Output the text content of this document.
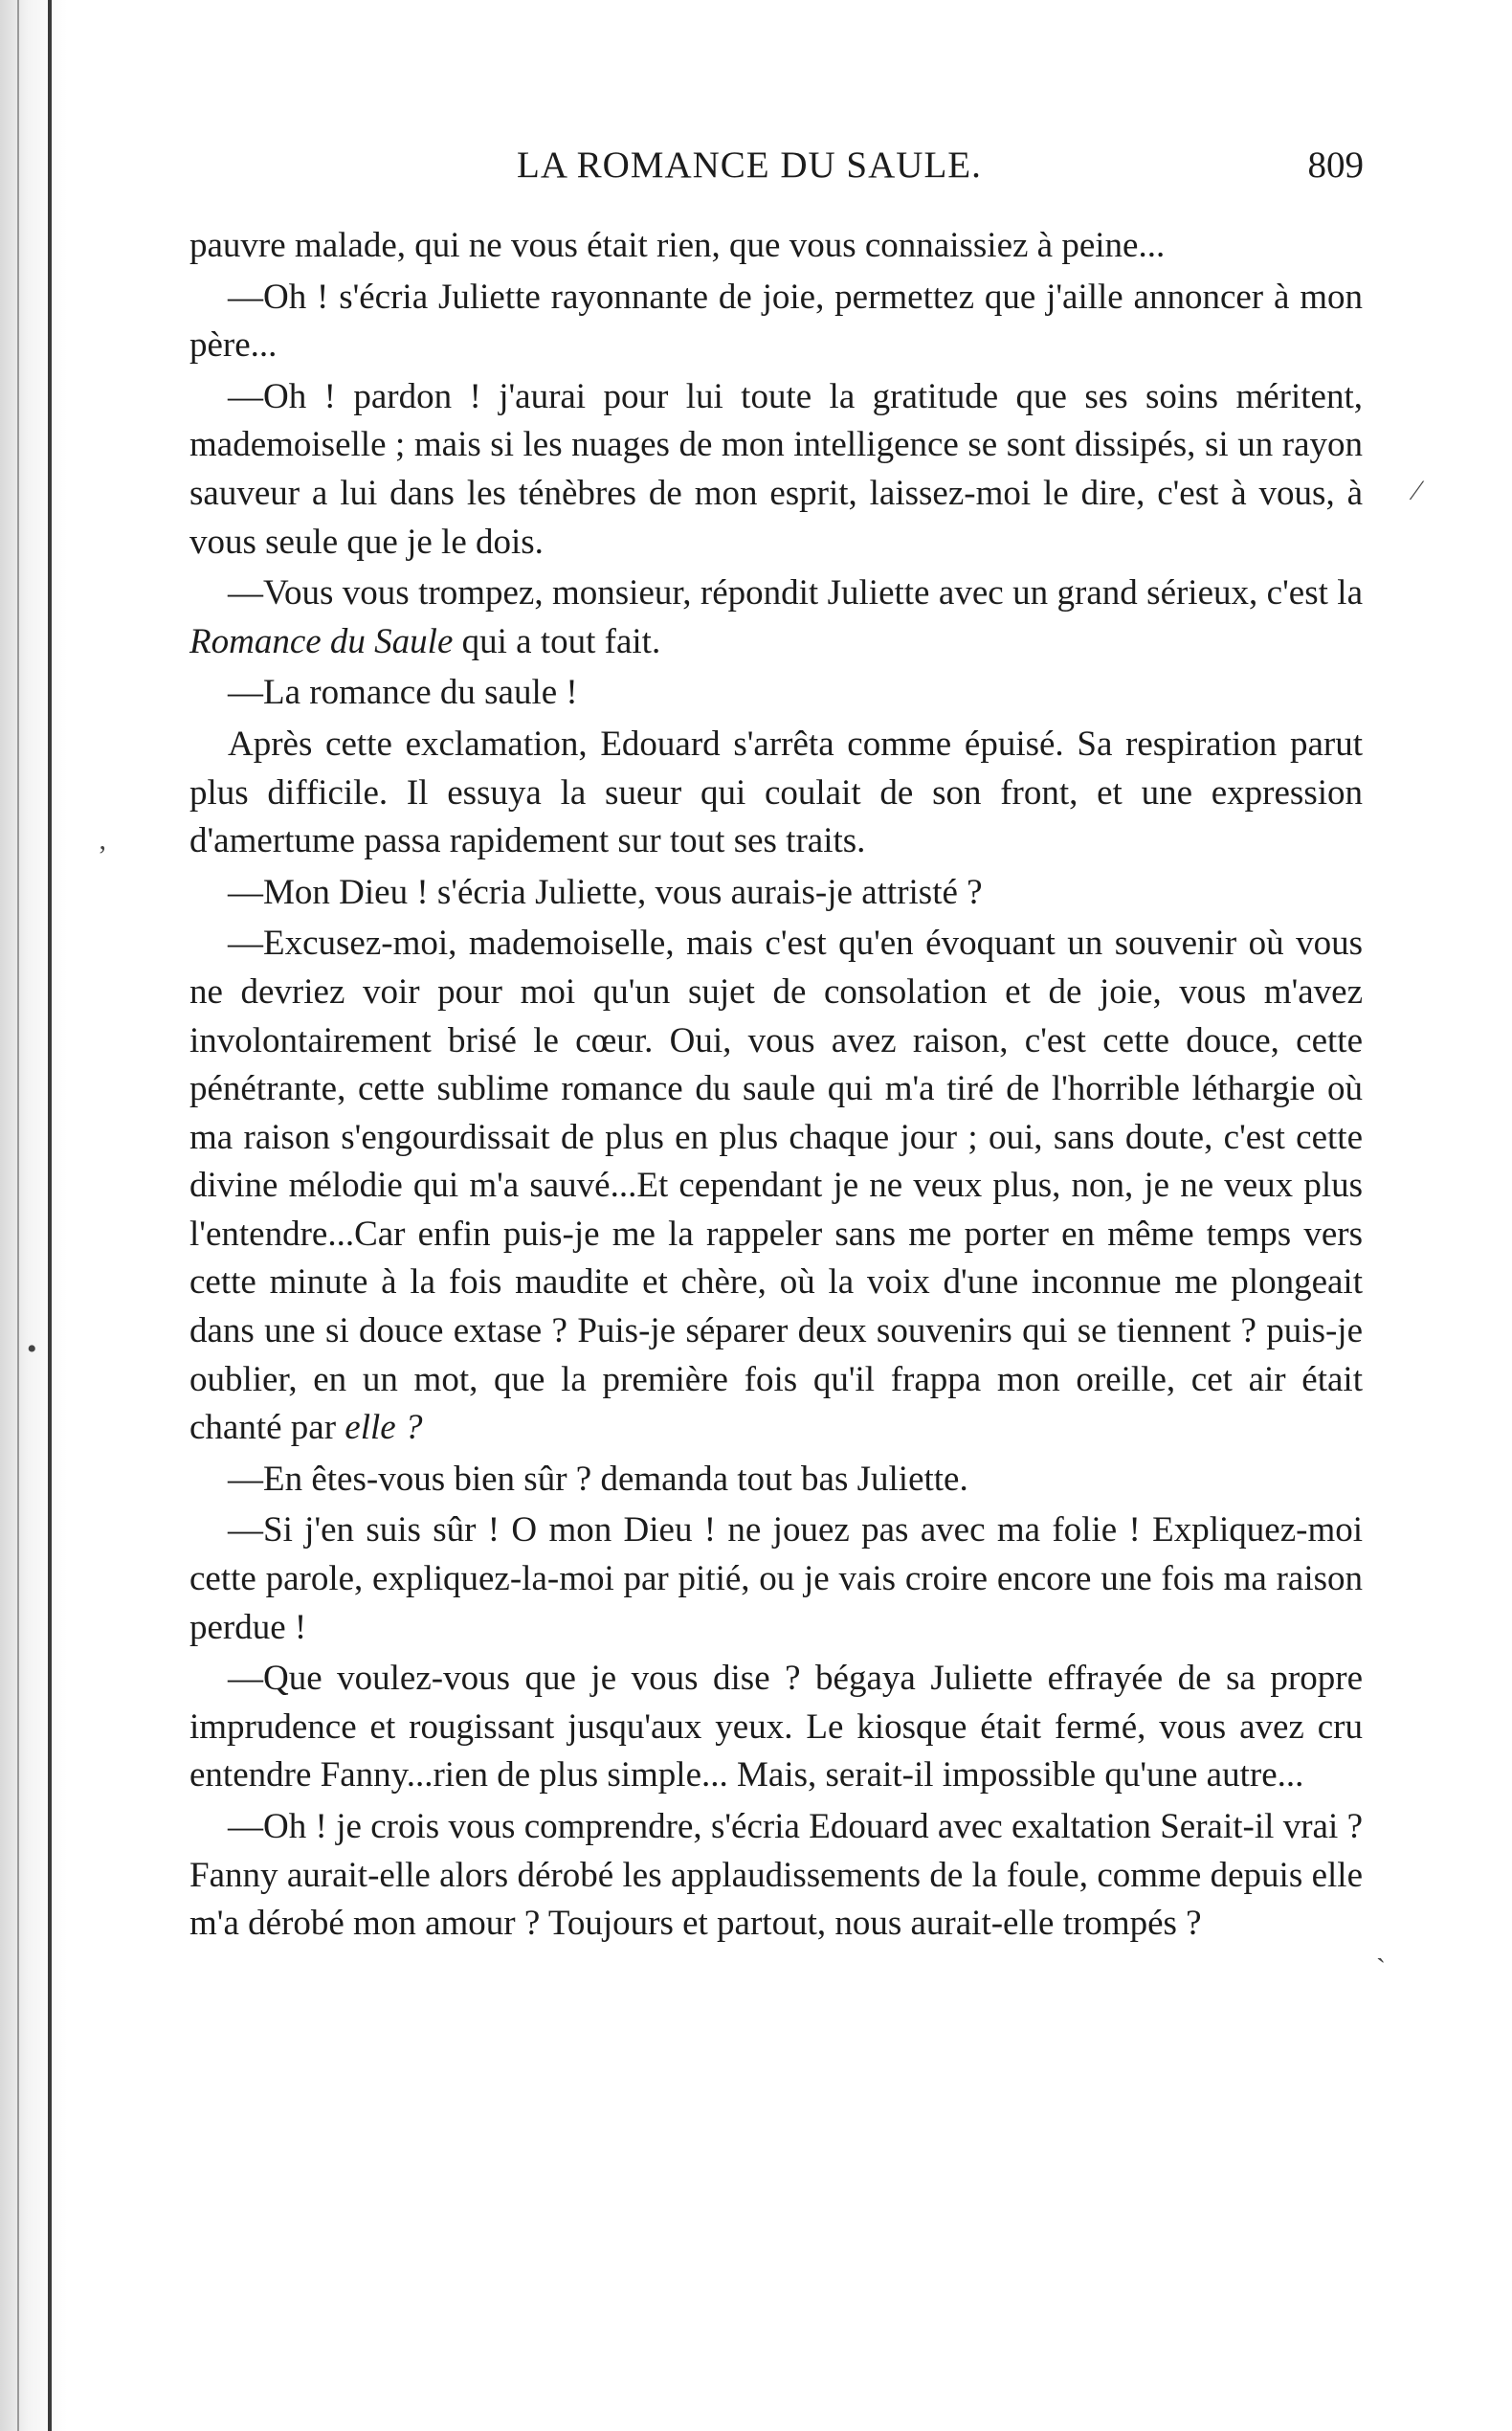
LA ROMANCE DU SAULE.	809

pauvre malade, qui ne vous était rien, que vous connaissiez à peine...

—Oh ! s'écria Juliette rayonnante de joie, permettez que j'aille annoncer à mon père...

—Oh ! pardon ! j'aurai pour lui toute la gratitude que ses soins méritent, mademoiselle ; mais si les nuages de mon intelligence se sont dissipés, si un rayon sauveur a lui dans les ténèbres de mon esprit, laissez-moi le dire, c'est à vous, à vous seule que je le dois.

—Vous vous trompez, monsieur, répondit Juliette avec un grand sérieux, c'est la Romance du Saule qui a tout fait.

—La romance du saule !

Après cette exclamation, Edouard s'arrêta comme épuisé. Sa respiration parut plus difficile. Il essuya la sueur qui coulait de son front, et une expression d'amertume passa rapidement sur tout ses traits.

—Mon Dieu ! s'écria Juliette, vous aurais-je attristé ?

—Excusez-moi, mademoiselle, mais c'est qu'en évoquant un souvenir où vous ne devriez voir pour moi qu'un sujet de consolation et de joie, vous m'avez involontairement brisé le cœur. Oui, vous avez raison, c'est cette douce, cette pénétrante, cette sublime romance du saule qui m'a tiré de l'horrible léthargie où ma raison s'engourdissait de plus en plus chaque jour ; oui, sans doute, c'est cette divine mélodie qui m'a sauvé...Et cependant je ne veux plus, non, je ne veux plus l'entendre...Car enfin puis-je me la rappeler sans me porter en même temps vers cette minute à la fois maudite et chère, où la voix d'une inconnue me plongeait dans une si douce extase ? Puis-je séparer deux souvenirs qui se tiennent ? puis-je oublier, en un mot, que la première fois qu'il frappa mon oreille, cet air était chanté par elle ?

—En êtes-vous bien sûr ? demanda tout bas Juliette.

—Si j'en suis sûr ! O mon Dieu ! ne jouez pas avec ma folie ! Expliquez-moi cette parole, expliquez-la-moi par pitié, ou je vais croire encore une fois ma raison perdue !

—Que voulez-vous que je vous dise ? bégaya Juliette effrayée de sa propre imprudence et rougissant jusqu'aux yeux. Le kiosque était fermé, vous avez cru entendre Fanny...rien de plus simple... Mais, serait-il impossible qu'une autre...

—Oh ! je crois vous comprendre, s'écria Edouard avec exaltation Serait-il vrai ? Fanny aurait-elle alors dérobé les applaudissements de la foule, comme depuis elle m'a dérobé mon amour ? Toujours et partout, nous aurait-elle trompés ?

⁄
ʼ
•
ˎ
